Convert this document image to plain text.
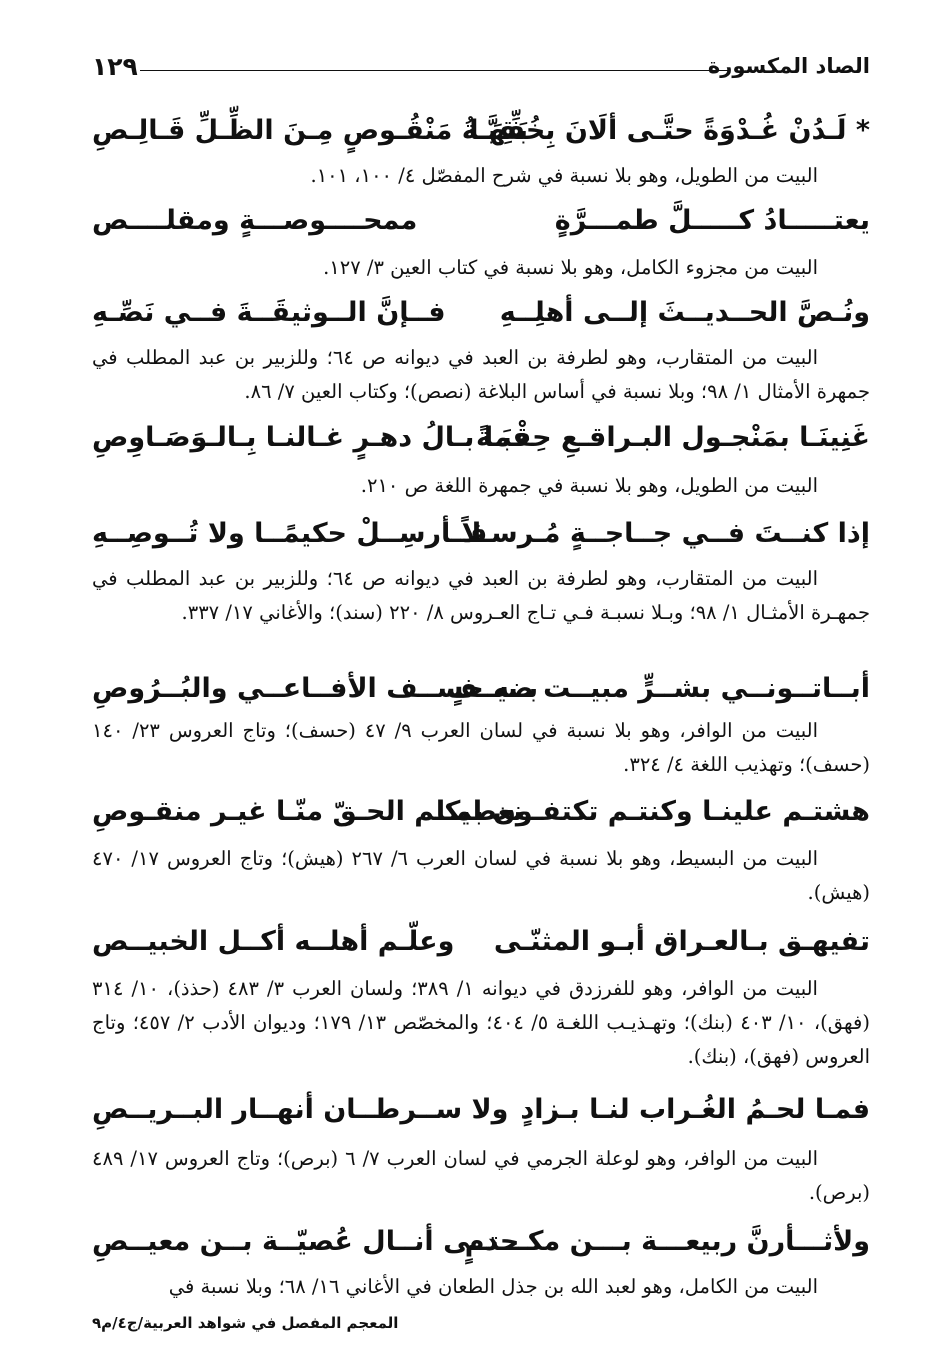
١٢٩	الصاد المكسورة
* لَـدُنْ غُـدْوَةً حتَّـى ألَانَ بِخُفِّهَـا
بَقِيَّـةُ مَنْقُـوصٍ مِـنَ الظِّـلِّ قَـالِـصِ
البيت من الطويل، وهو بلا نسبة في شرح المفصّل ٤/ ١٠٠، ١٠١.
يعتـــــادُ كـــــلَّ طمـــرَّةٍ
ممحــــوصـــةٍ ومقلــــص
البيت من مجزوء الكامل، وهو بلا نسبة في كتاب العين ٣/ ١٢٧.
ونُـصَّ الحــديــثَ إلــى أهلِــهِ
فــإنَّ الــوثيقَــةَ فــي نَصِّـهِ
البيت من المتقارب، وهو لطرفة بن العبد في ديوانه ص ٦٤؛ وللزبير بن عبد المطلب في جمهرة الأمثال ١/ ٩٨؛ وبلا نسبة في أساس البلاغة (نصص)؛ وكتاب العين ٧/ ٨٦.
غَنِينَـا بمَنْجـول البـراقـعِ حِقْبَـةً
فما بـالُ دهـرٍ غـالنـا بِـالـوَصَـاوِصِ
البيت من الطويل، وهو بلا نسبة في جمهرة اللغة ص ٢١٠.
إذا كنــتَ فــي جــاجــةٍ مُـرسـلاً
فــأرسِــلْ حكيمًــا ولا تُــوصِــهِ
البيت من المتقارب، وهو لطرفة بن العبد في ديوانه ص ٦٤؛ وللزبير بن عبد المطلب في جمهـرة الأمثـال ١/ ٩٨؛ وبـلا نسبـة فـي تـاج العـروس ٨/ ٢٢٠ (سند)؛ والأغاني ١٧/ ٣٣٧.
أبــاتــونــي بشــرٍّ مبيــت ضيــفٍ
بــه حســف الأفــاعــي والبُــرُوصِ
البيت من الوافر، وهو بلا نسبة في لسان العرب ٩/ ٤٧ (حسف)؛ وتاج العروس ٢٣/ ١٤٠ (حسف)؛ وتهذيب اللغة ٤/ ٣٢٤.
هشتـم علينـا وكنتـم تكتفـون بمـا
نعطيكـم الحـقّ منّـا غيـر منقـوصِ
البيت من البسيط، وهو بلا نسبة في لسان العرب ٦/ ٢٦٧ (هيش)؛ وتاج العروس ١٧/ ٤٧٠ (هيش).
تفيهـق بـالعـراق أبـو المثنّـى
وعلّـم أهلــه أكــل الخبيــص
البيت من الوافر، وهو للفرزدق في ديوانه ١/ ٣٨٩؛ ولسان العرب ٣/ ٤٨٣ (حذذ)، ١٠/ ٣١٤ (فهق)، ١٠/ ٤٠٣ (بنك)؛ وتهـذيـب اللغـة ٥/ ٤٠٤؛ والمخصّص ١٣/ ١٧٩؛ وديوان الأدب ٢/ ٤٥٧؛ وتاج العروس (فهق)، (بنك).
فمـا لحـمُ الغُـراب لنـا بـزادٍ
ولا ســرطــان أنهــار البــريــصِ
البيت من الوافر، وهو لوعلة الجرمي في لسان العرب ٧/ ٦ (برص)؛ وتاج العروس ١٧/ ٤٨٩ (برص).
ولأثـــأرنَّ ربيعـــة بـــن مكـــدمٍ
حتــى أنــال عُصيّــة بــن معيــصِ
البيت من الكامل، وهو لعبد الله بن جذل الطعان في الأغاني ١٦/ ٦٨؛ وبلا نسبة في
المعجم المفصل في شواهد العربية/ج٤/م٩
